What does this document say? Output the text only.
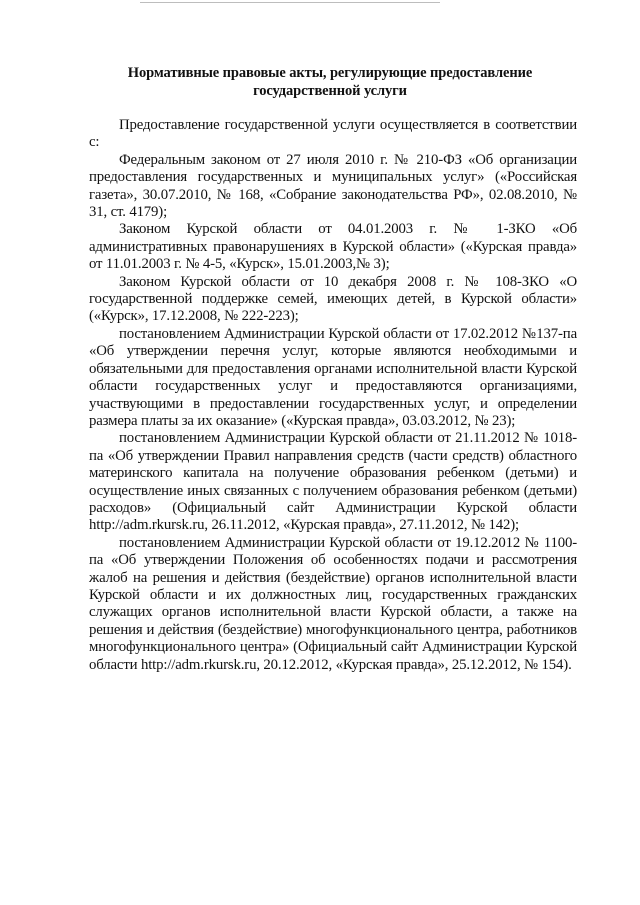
Нормативные правовые акты, регулирующие предоставление
государственной услуги

Предоставление государственной услуги осуществляется в соответствии с:

Федеральным законом от 27 июля 2010 г. № 210-ФЗ «Об организации предоставления государственных и муниципальных услуг» («Российская газета», 30.07.2010, № 168, «Собрание законодательства РФ», 02.08.2010, № 31, ст. 4179);

Законом Курской области от 04.01.2003 г. № 1-ЗКО «Об административных правонарушениях в Курской области» («Курская правда» от 11.01.2003 г. № 4-5, «Курск», 15.01.2003,№ 3);

Законом Курской области от 10 декабря 2008 г. № 108-ЗКО «О государственной поддержке семей, имеющих детей, в Курской области» («Курск», 17.12.2008, № 222-223);

постановлением Администрации Курской области от 17.02.2012 №137-па «Об утверждении перечня услуг, которые являются необходимыми и обязательными для предоставления органами исполнительной власти Курской области государственных услуг и предоставляются организациями, участвующими в предоставлении государственных услуг, и определении размера платы за их оказание» («Курская правда», 03.03.2012, № 23);

постановлением Администрации Курской области от 21.11.2012 № 1018-па «Об утверждении Правил направления средств (части средств) областного материнского капитала на получение образования ребенком (детьми) и осуществление иных связанных с получением образования ребенком (детьми) расходов» (Официальный сайт Администрации Курской области http://adm.rkursk.ru, 26.11.2012, «Курская правда», 27.11.2012, № 142);

постановлением Администрации Курской области от 19.12.2012 № 1100-па «Об утверждении Положения об особенностях подачи и рассмотрения жалоб на решения и действия (бездействие) органов исполнительной власти Курской области и их должностных лиц, государственных гражданских служащих органов исполнительной власти Курской области, а также на решения и действия (бездействие) многофункционального центра, работников многофункционального центра» (Официальный сайт Администрации Курской области http://adm.rkursk.ru, 20.12.2012, «Курская правда», 25.12.2012, № 154).
